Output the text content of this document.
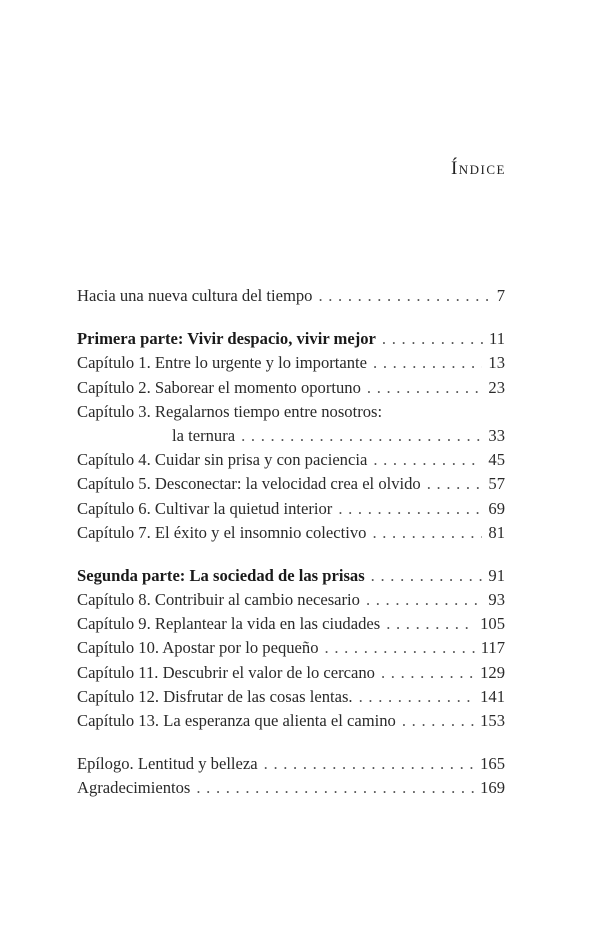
Índice
Hacia una nueva cultura del tiempo . . .	7
Primera parte: Vivir despacio, vivir mejor . . .	11
Capítulo 1. Entre lo urgente y lo importante . . .	13
Capítulo 2. Saborear el momento oportuno . . .	23
Capítulo 3. Regalarnos tiempo entre nosotros:
la ternura . . .	33
Capítulo 4. Cuidar sin prisa y con paciencia . . .	45
Capítulo 5. Desconectar: la velocidad crea el olvido . . .	57
Capítulo 6. Cultivar la quietud interior . . .	69
Capítulo 7. El éxito y el insomnio colectivo . . .	81
Segunda parte: La sociedad de las prisas . . .	91
Capítulo 8. Contribuir al cambio necesario . . .	93
Capítulo 9. Replantear la vida en las ciudades . . .	105
Capítulo 10. Apostar por lo pequeño . . .	117
Capítulo 11. Descubrir el valor de lo cercano . . .	129
Capítulo 12. Disfrutar de las cosas lentas. . . .	141
Capítulo 13. La esperanza que alienta el camino . . .	153
Epílogo. Lentitud y belleza . . .	165
Agradecimientos . . .	169
